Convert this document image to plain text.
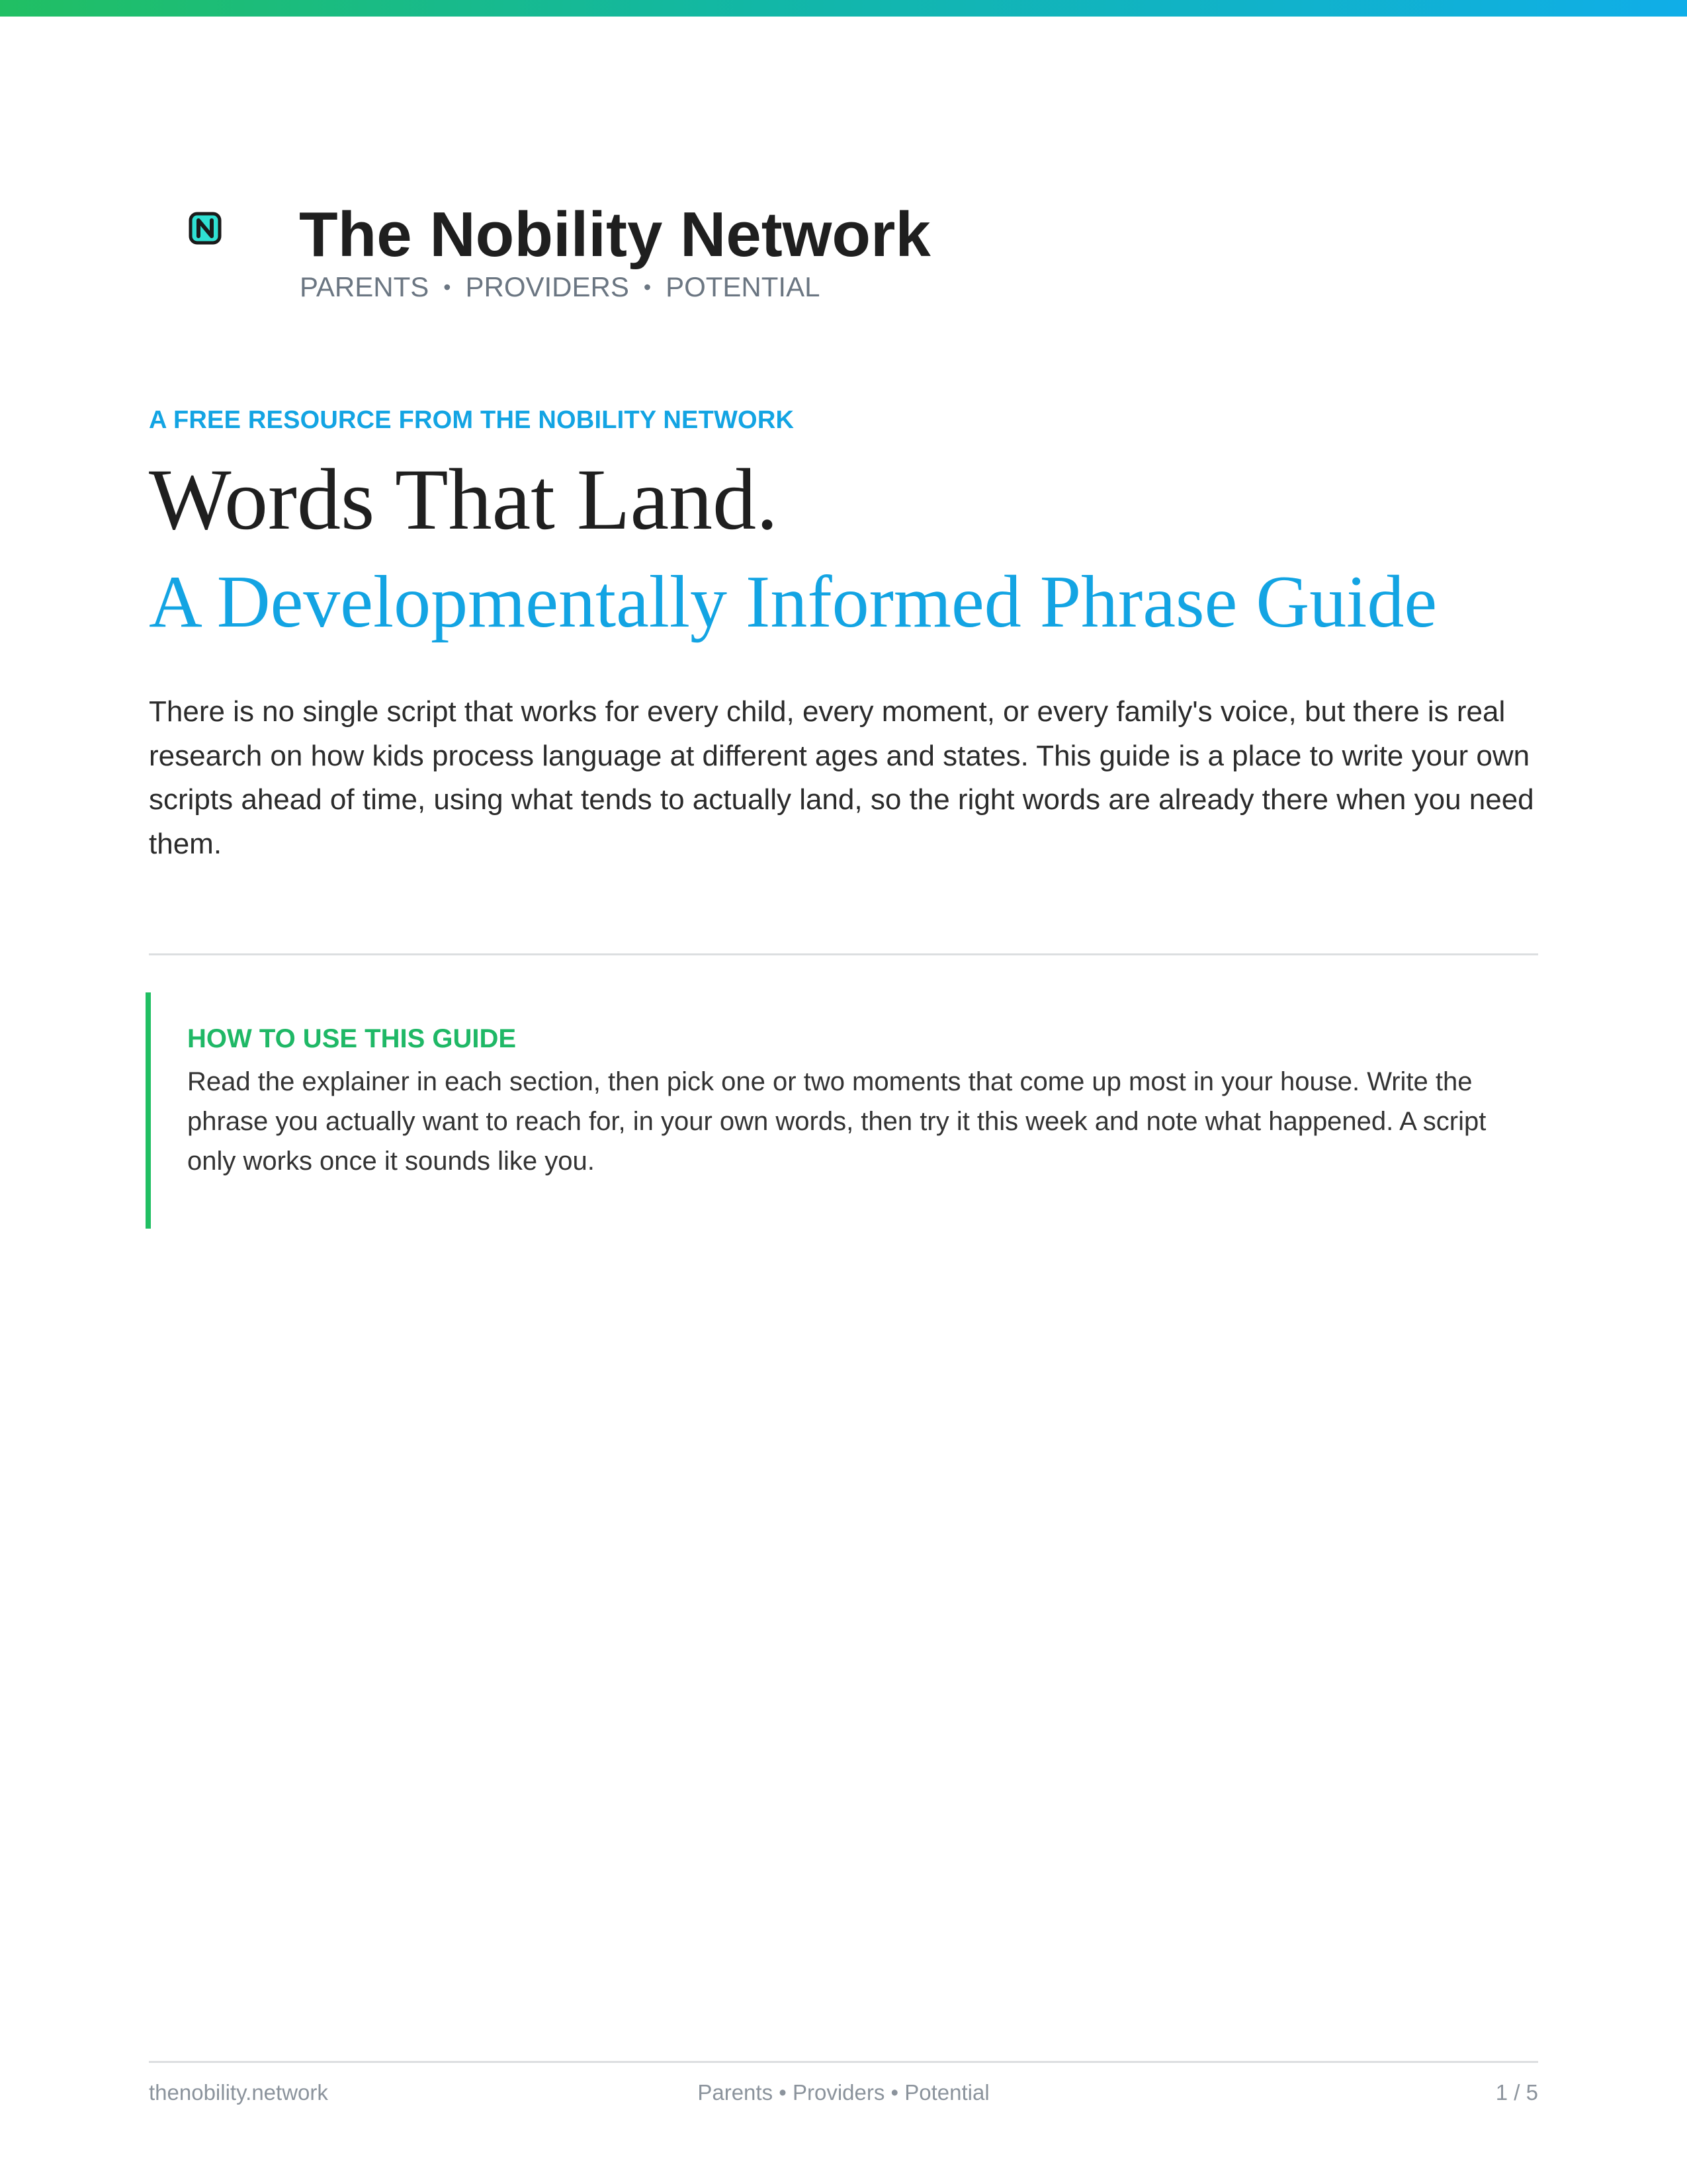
The Nobility Network
PARENTS • PROVIDERS • POTENTIAL
A FREE RESOURCE FROM THE NOBILITY NETWORK
Words That Land.
A Developmentally Informed Phrase Guide

There is no single script that works for every child, every moment, or every family's voice, but there is real research on how kids process language at different ages and states. This guide is a place to write your own scripts ahead of time, using what tends to actually land, so the right words are already there when you need them.

HOW TO USE THIS GUIDE

Read the explainer in each section, then pick one or two moments that come up most in your house. Write the phrase you actually want to reach for, in your own words, then try it this week and note what happened. A script only works once it sounds like you.

thenobility.network	Parents • Providers • Potential	1 / 5
